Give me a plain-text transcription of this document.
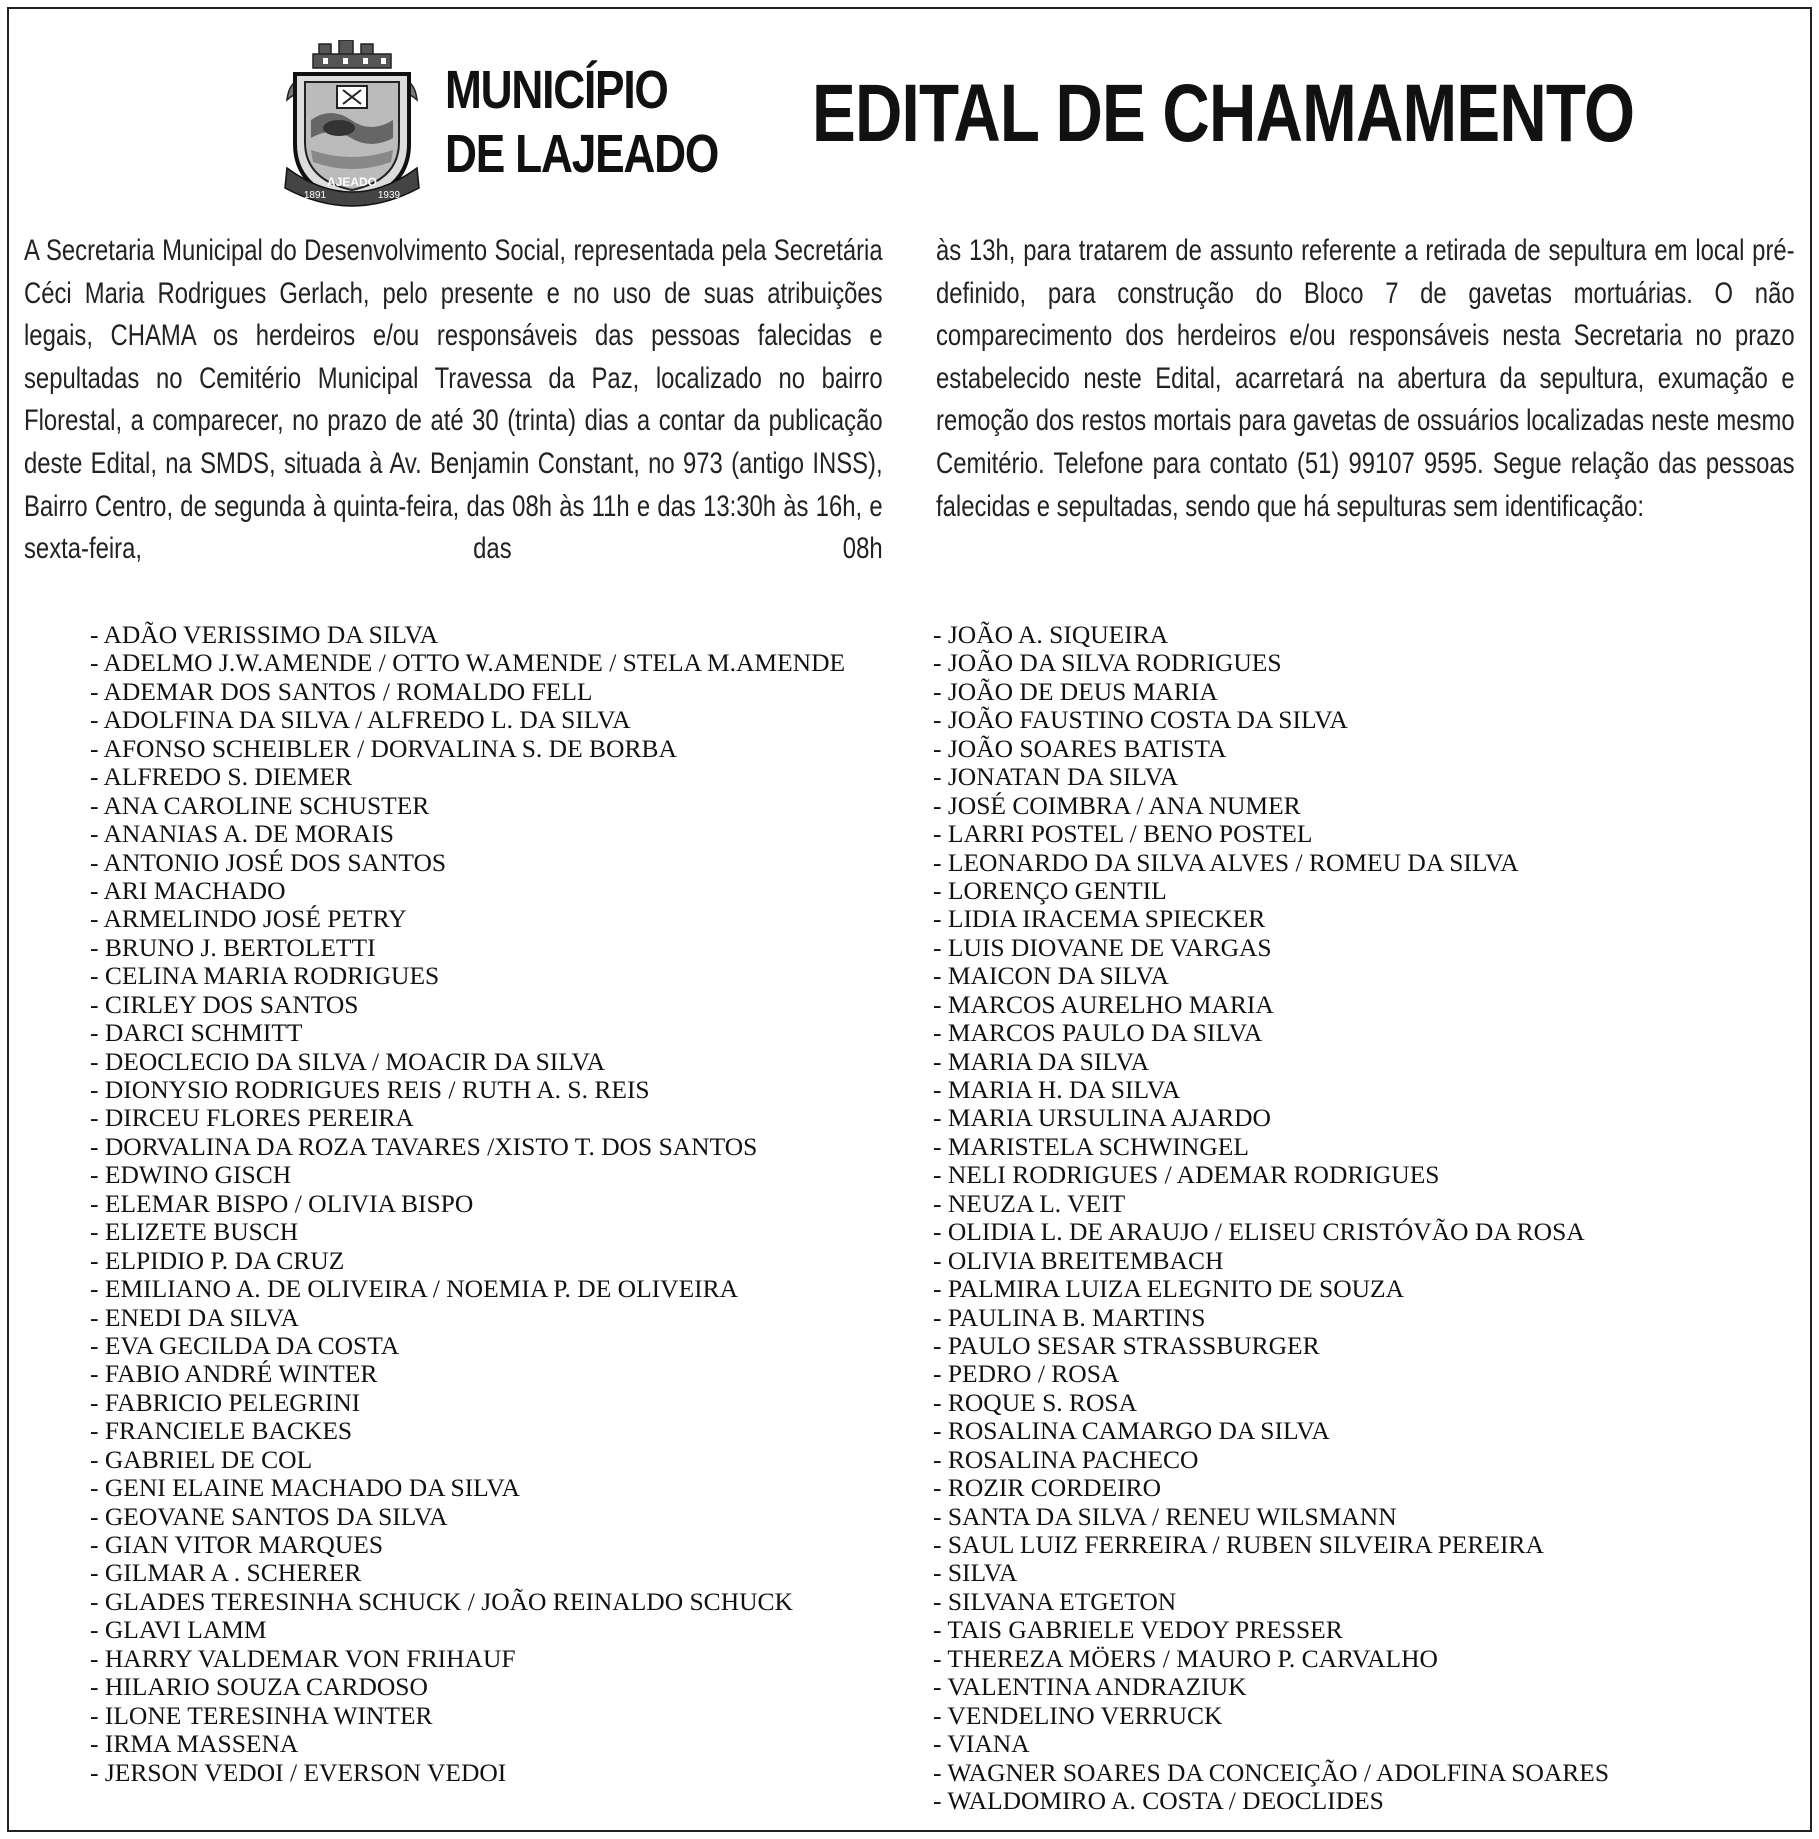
AJEADO
1891	1939
MUNICÍPIO
DE LAJEADO EDITAL DE CHAMAMENTO

A Secretaria Municipal do Desenvolvimento Social, representada pela Secretária Céci Maria Rodrigues Gerlach, pelo presente e no uso de suas atribuições legais, CHAMA os herdeiros e/ou responsáveis das pessoas falecidas e sepultadas no Cemitério Municipal Travessa da Paz, localizado no bairro Florestal, a comparecer, no prazo de até 30 (trinta) dias a contar da publicação deste Edital, na SMDS, situada à Av. Benjamin Constant, no 973 (antigo INSS), Bairro Centro, de segunda à quinta-feira, das 08h às 11h e das 13:30h às 16h, e sexta-feira, das 08h

às 13h, para tratarem de assunto referente a retirada de sepultura em local pré-definido, para construção do Bloco 7 de gavetas mortuárias. O não comparecimento dos herdeiros e/ou responsáveis nesta Secretaria no prazo estabelecido neste Edital, acarretará na abertura da sepultura, exumação e remoção dos restos mortais para gavetas de ossuários localizadas neste mesmo Cemitério. Telefone para contato (51) 99107 9595. Segue relação das pessoas falecidas e sepultadas, sendo que há sepulturas sem identificação:

- ADÃO VERISSIMO DA SILVA
- ADELMO J.W.AMENDE / OTTO W.AMENDE / STELA M.AMENDE
- ADEMAR DOS SANTOS / ROMALDO FELL
- ADOLFINA DA SILVA / ALFREDO L. DA SILVA
- AFONSO SCHEIBLER / DORVALINA S. DE BORBA
- ALFREDO S. DIEMER
- ANA CAROLINE SCHUSTER
- ANANIAS A. DE MORAIS
- ANTONIO JOSÉ DOS SANTOS
- ARI MACHADO
- ARMELINDO JOSÉ PETRY
- BRUNO J. BERTOLETTI
- CELINA MARIA RODRIGUES
- CIRLEY DOS SANTOS
- DARCI SCHMITT
- DEOCLECIO DA SILVA / MOACIR DA SILVA
- DIONYSIO RODRIGUES REIS / RUTH A. S. REIS
- DIRCEU FLORES PEREIRA
- DORVALINA DA ROZA TAVARES /XISTO T. DOS SANTOS
- EDWINO GISCH
- ELEMAR BISPO / OLIVIA BISPO
- ELIZETE BUSCH
- ELPIDIO P. DA CRUZ
- EMILIANO A. DE OLIVEIRA / NOEMIA P. DE OLIVEIRA
- ENEDI DA SILVA
- EVA GECILDA DA COSTA
- FABIO ANDRÉ WINTER
- FABRICIO PELEGRINI
- FRANCIELE BACKES
- GABRIEL DE COL
- GENI ELAINE MACHADO DA SILVA
- GEOVANE SANTOS DA SILVA
- GIAN VITOR MARQUES
- GILMAR A . SCHERER
- GLADES TERESINHA SCHUCK / JOÃO REINALDO SCHUCK
- GLAVI LAMM
- HARRY VALDEMAR VON FRIHAUF
- HILARIO SOUZA CARDOSO
- ILONE TERESINHA WINTER
- IRMA MASSENA
- JERSON VEDOI / EVERSON VEDOI
- JOÃO A. SIQUEIRA
- JOÃO DA SILVA RODRIGUES
- JOÃO DE DEUS MARIA
- JOÃO FAUSTINO COSTA DA SILVA
- JOÃO SOARES BATISTA
- JONATAN DA SILVA
- JOSÉ COIMBRA / ANA NUMER
- LARRI POSTEL / BENO POSTEL
- LEONARDO DA SILVA ALVES / ROMEU DA SILVA
- LORENÇO GENTIL
- LIDIA IRACEMA SPIECKER
- LUIS DIOVANE DE VARGAS
- MAICON DA SILVA
- MARCOS AURELHO MARIA
- MARCOS PAULO DA SILVA
- MARIA DA SILVA
- MARIA H. DA SILVA
- MARIA URSULINA AJARDO
- MARISTELA SCHWINGEL
- NELI RODRIGUES / ADEMAR RODRIGUES
- NEUZA L. VEIT
- OLIDIA L. DE ARAUJO / ELISEU CRISTÓVÃO DA ROSA
- OLIVIA BREITEMBACH
- PALMIRA LUIZA ELEGNITO DE SOUZA
- PAULINA B. MARTINS
- PAULO SESAR STRASSBURGER
- PEDRO / ROSA
- ROQUE S. ROSA
- ROSALINA CAMARGO DA SILVA
- ROSALINA PACHECO
- ROZIR CORDEIRO
- SANTA DA SILVA / RENEU WILSMANN
- SAUL LUIZ FERREIRA / RUBEN SILVEIRA PEREIRA
- SILVA
- SILVANA ETGETON
- TAIS GABRIELE VEDOY PRESSER
- THEREZA MÖERS / MAURO P. CARVALHO
- VALENTINA ANDRAZIUK
- VENDELINO VERRUCK
- VIANA
- WAGNER SOARES DA CONCEIÇÃO / ADOLFINA SOARES
- WALDOMIRO A. COSTA / DEOCLIDES
